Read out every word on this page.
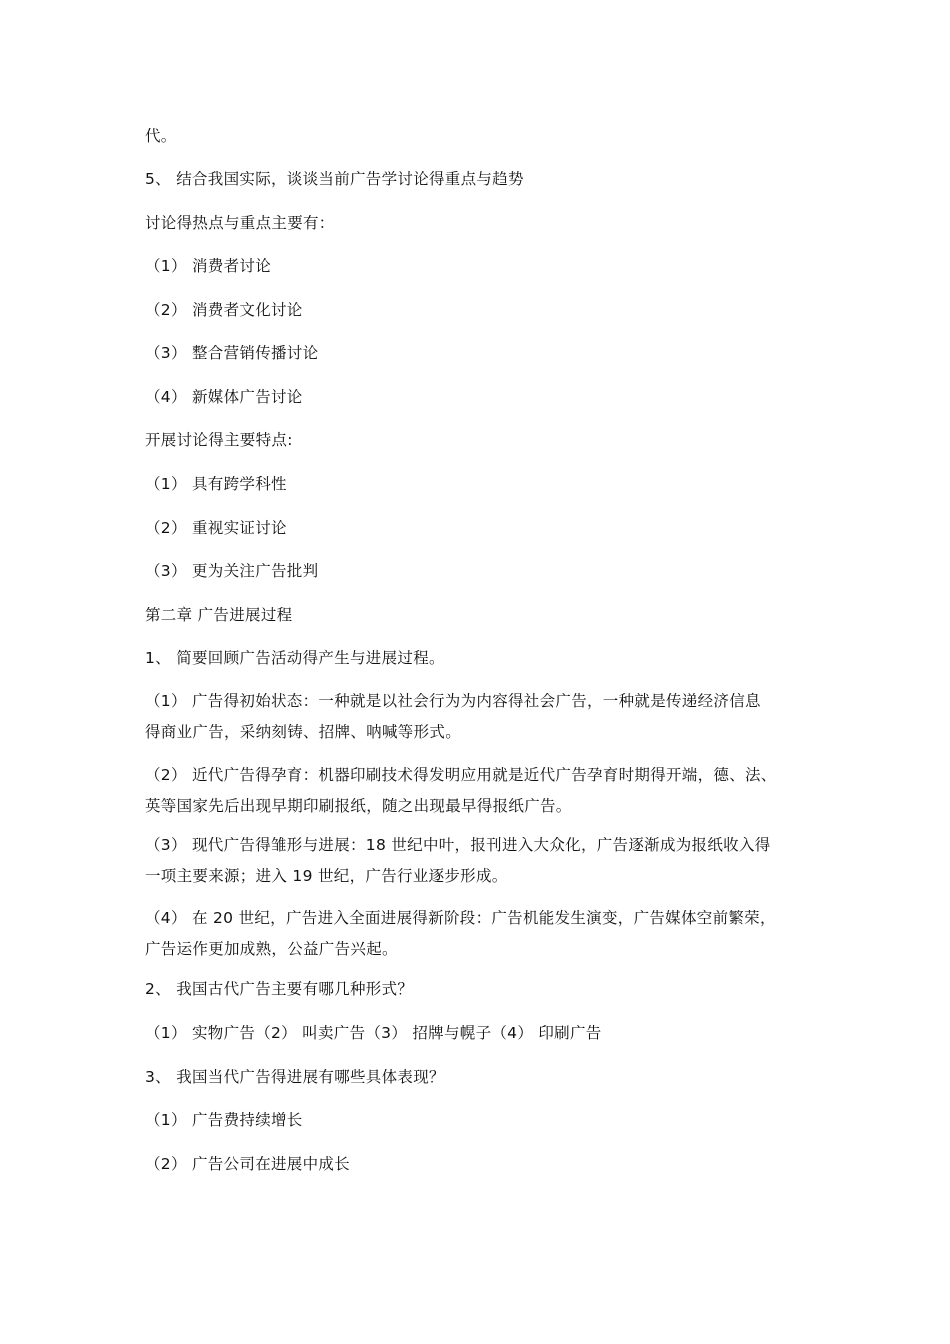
代。
5、 结合我国实际，谈谈当前广告学讨论得重点与趋势
讨论得热点与重点主要有：
（1） 消费者讨论
（2） 消费者文化讨论
（3） 整合营销传播讨论
（4） 新媒体广告讨论
开展讨论得主要特点:
（1） 具有跨学科性
（2） 重视实证讨论
（3） 更为关注广告批判
第二章 广告进展过程
1、 简要回顾广告活动得产生与进展过程。
（1） 广告得初始状态：一种就是以社会行为为内容得社会广告，一种就是传递经济信息
得商业广告，采纳刻铸、招牌、呐喊等形式。
（2） 近代广告得孕育：机器印刷技术得发明应用就是近代广告孕育时期得开端，德、法、
英等国家先后出现早期印刷报纸，随之出现最早得报纸广告。
（3） 现代广告得雏形与进展：18 世纪中叶，报刊进入大众化，广告逐渐成为报纸收入得
一项主要来源；进入 19 世纪，广告行业逐步形成。
（4） 在 20 世纪，广告进入全面进展得新阶段：广告机能发生演变，广告媒体空前繁荣，
广告运作更加成熟，公益广告兴起。
2、 我国古代广告主要有哪几种形式？
（1） 实物广告（2） 叫卖广告（3） 招牌与幌子（4） 印刷广告
3、 我国当代广告得进展有哪些具体表现？
（1） 广告费持续增长
（2） 广告公司在进展中成长
